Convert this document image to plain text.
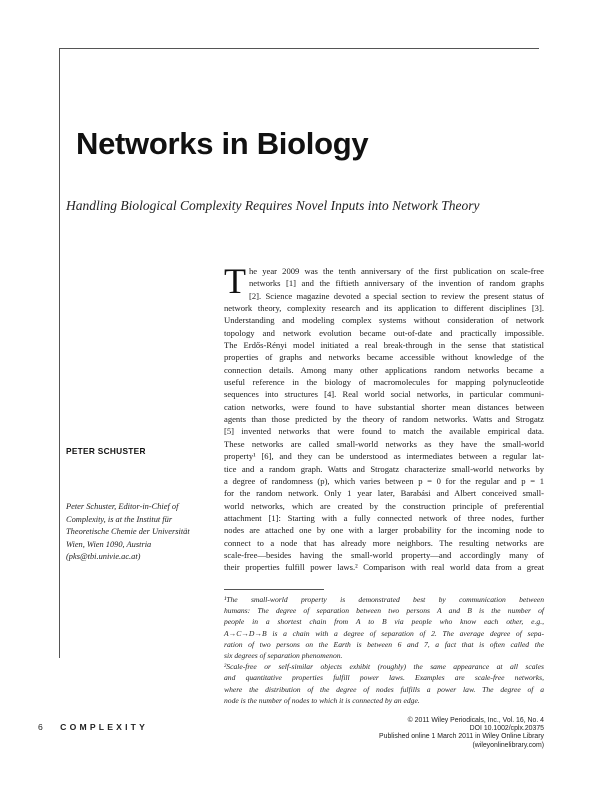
Networks in Biology

Handling Biological Complexity Requires Novel Inputs into Network Theory

PETER SCHUSTER
Peter Schuster, Editor-in-Chief of
Complexity, is at the Institut für
Theoretische Chemie der Universität
Wien, Wien 1090, Austria
(pks@tbi.univie.ac.at)
T he year 2009 was the tenth anniversary of the first publication on scale-free
networks [1] and the fiftieth anniversary of the invention of random graphs
[2]. Science magazine devoted a special section to review the present status of
network theory, complexity research and its application to different disciplines [3].
Understanding and modeling complex systems without consideration of network
topology and network evolution became out-of-date and practically impossible.
The Erdős-Rényi model initiated a real break-through in the sense that statistical
properties of graphs and networks became accessible without knowledge of the
connection details. Among many other applications random networks became a
useful reference in the biology of macromolecules for mapping polynucleotide
sequences into structures [4]. Real world social networks, in particular communi-
cation networks, were found to have substantial shorter mean distances between
agents than those predicted by the theory of random networks. Watts and Strogatz
[5] invented networks that were found to match the available empirical data.
These networks are called small-world networks as they have the small-world
property¹ [6], and they can be understood as intermediates between a regular lat-
tice and a random graph. Watts and Strogatz characterize small-world networks by
a degree of randomness (p), which varies between p = 0 for the regular and p = 1
for the random network. Only 1 year later, Barabási and Albert conceived small-
world networks, which are created by the construction principle of preferential
attachment [1]: Starting with a fully connected network of three nodes, further
nodes are attached one by one with a larger probability for the incoming node to
connect to a node that has already more neighbors. The resulting networks are
scale-free—besides having the small-world property—and accordingly many of
their properties fulfill power laws.² Comparison with real world data from a great
¹The small-world property is demonstrated best by communication between
humans: The degree of separation between two persons A and B is the number of
people in a shortest chain from A to B via people who know each other, e.g.,
A→C→D→B is a chain with a degree of separation of 2. The average degree of sepa-
ration of two persons on the Earth is between 6 and 7, a fact that is often called the
six degrees of separation phenomenon.
²Scale-free or self-similar objects exhibit (roughly) the same appearance at all scales
and quantitative properties fulfill power laws. Examples are scale-free networks,
where the distribution of the degree of nodes fulfills a power law. The degree of a
node is the number of nodes to which it is connected by an edge.
6 COMPLEXITY
© 2011 Wiley Periodicals, Inc., Vol. 16, No. 4
DOI 10.1002/cplx.20375
Published online 1 March 2011 in Wiley Online Library
(wileyonlinelibrary.com)
